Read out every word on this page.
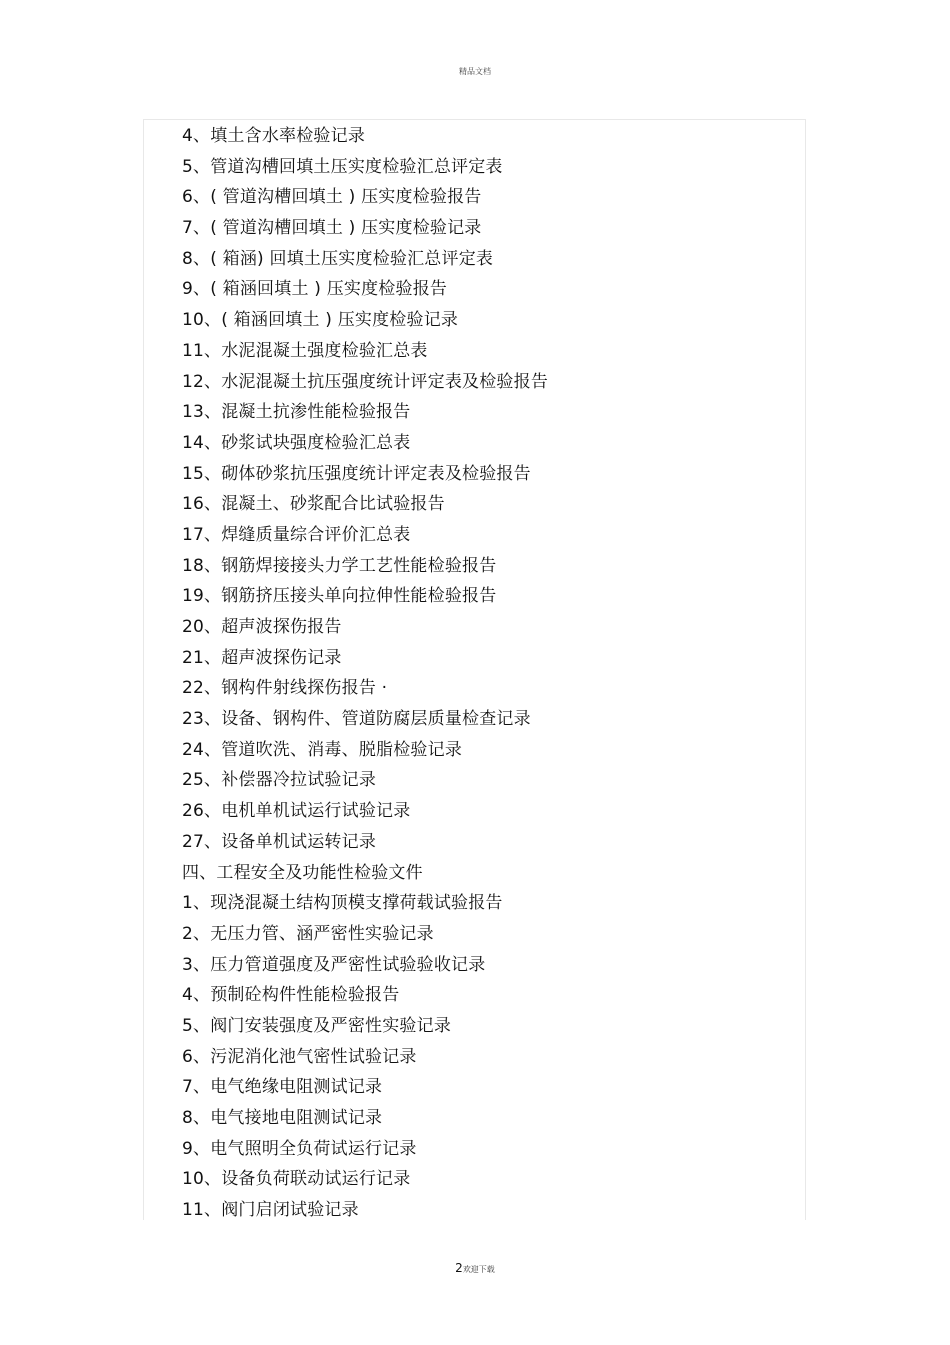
精品文档
4、填土含水率检验记录
5、管道沟槽回填土压实度检验汇总评定表
6、( 管道沟槽回填土 ) 压实度检验报告
7、( 管道沟槽回填土 ) 压实度检验记录
8、( 箱涵) 回填土压实度检验汇总评定表
9、( 箱涵回填土 ) 压实度检验报告
10、( 箱涵回填土 ) 压实度检验记录
11、水泥混凝土强度检验汇总表
12、水泥混凝土抗压强度统计评定表及检验报告
13、混凝土抗渗性能检验报告
14、砂浆试块强度检验汇总表
15、砌体砂浆抗压强度统计评定表及检验报告
16、混凝土、砂浆配合比试验报告
17、焊缝质量综合评价汇总表
18、钢筋焊接接头力学工艺性能检验报告
19、钢筋挤压接头单向拉伸性能检验报告
20、超声波探伤报告
21、超声波探伤记录
22、钢构件射线探伤报告 ·
23、设备、钢构件、管道防腐层质量检查记录
24、管道吹洗、消毒、脱脂检验记录
25、补偿器冷拉试验记录
26、电机单机试运行试验记录
27、设备单机试运转记录
四、工程安全及功能性检验文件
1、现浇混凝土结构顶模支撑荷载试验报告
2、无压力管、涵严密性实验记录
3、压力管道强度及严密性试验验收记录
4、预制砼构件性能检验报告
5、阀门安装强度及严密性实验记录
6、污泥消化池气密性试验记录
7、电气绝缘电阻测试记录
8、电气接地电阻测试记录
9、电气照明全负荷试运行记录
10、设备负荷联动试运行记录
11、阀门启闭试验记录
2欢迎下载
